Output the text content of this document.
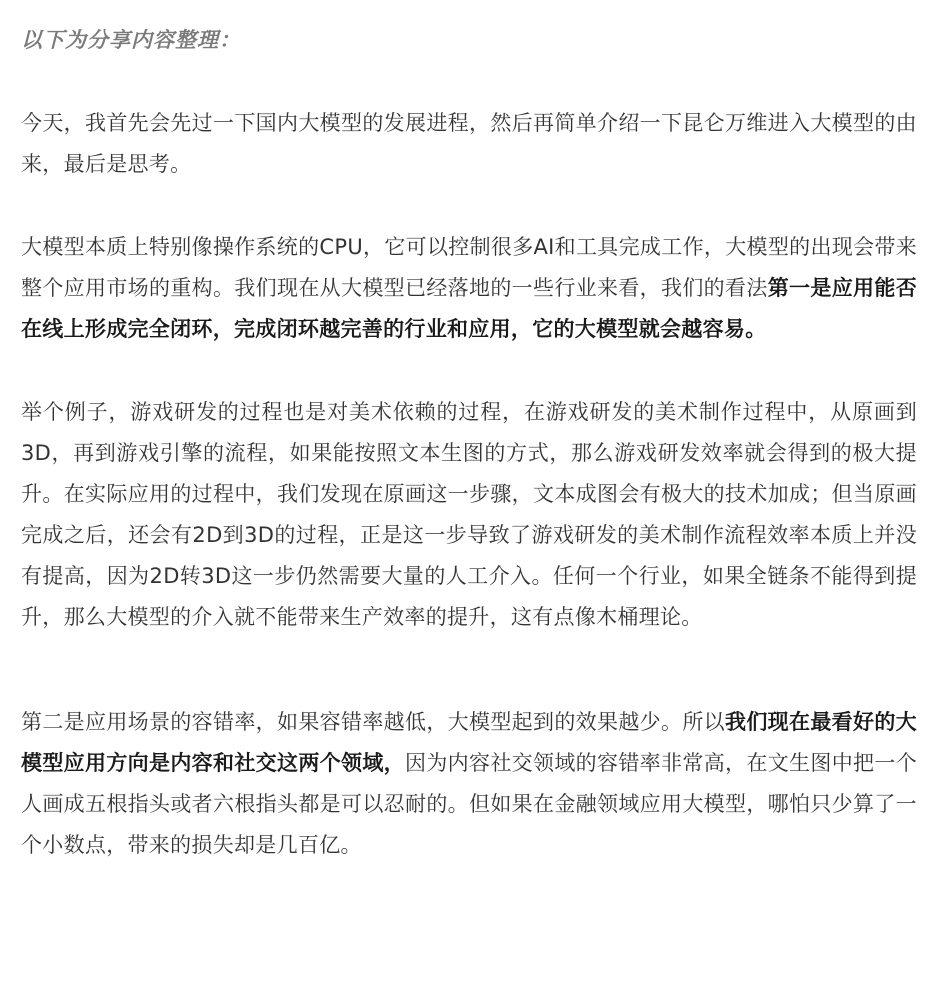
以下为分享内容整理：

今天，我首先会先过一下国内大模型的发展进程，然后再简单介绍一下昆仑万维进入大模型的由来，最后是思考。

大模型本质上特别像操作系统的CPU，它可以控制很多AI和工具完成工作，大模型的出现会带来整个应用市场的重构。我们现在从大模型已经落地的一些行业来看，我们的看法第一是应用能否在线上形成完全闭环，完成闭环越完善的行业和应用，它的大模型就会越容易。

举个例子，游戏研发的过程也是对美术依赖的过程，在游戏研发的美术制作过程中，从原画到3D，再到游戏引擎的流程，如果能按照文本生图的方式，那么游戏研发效率就会得到的极大提升。在实际应用的过程中，我们发现在原画这一步骤，文本成图会有极大的技术加成；但当原画完成之后，还会有2D到3D的过程，正是这一步导致了游戏研发的美术制作流程效率本质上并没有提高，因为2D转3D这一步仍然需要大量的人工介入。任何一个行业，如果全链条不能得到提升，那么大模型的介入就不能带来生产效率的提升，这有点像木桶理论。

第二是应用场景的容错率，如果容错率越低，大模型起到的效果越少。所以我们现在最看好的大模型应用方向是内容和社交这两个领域，因为内容社交领域的容错率非常高，在文生图中把一个人画成五根指头或者六根指头都是可以忍耐的。但如果在金融领域应用大模型，哪怕只少算了一个小数点，带来的损失却是几百亿。
